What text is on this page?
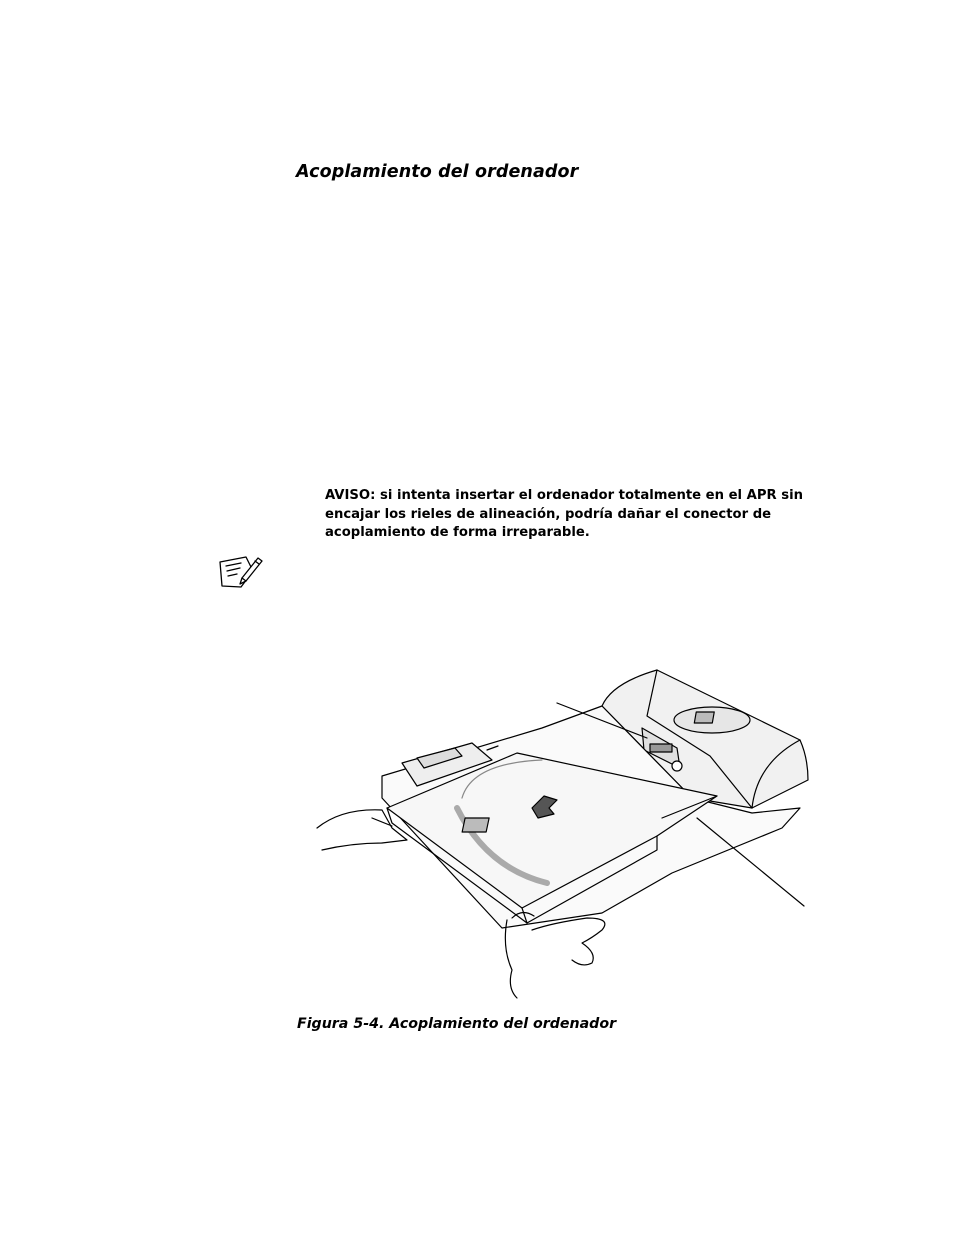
Acoplamiento del ordenador

AVISO: si intenta insertar el ordenador totalmente en el APR sin
encajar los rieles de alineación, podría dañar el conector de
acoplamiento de forma irreparable.

Figura 5-4. Acoplamiento del ordenador
